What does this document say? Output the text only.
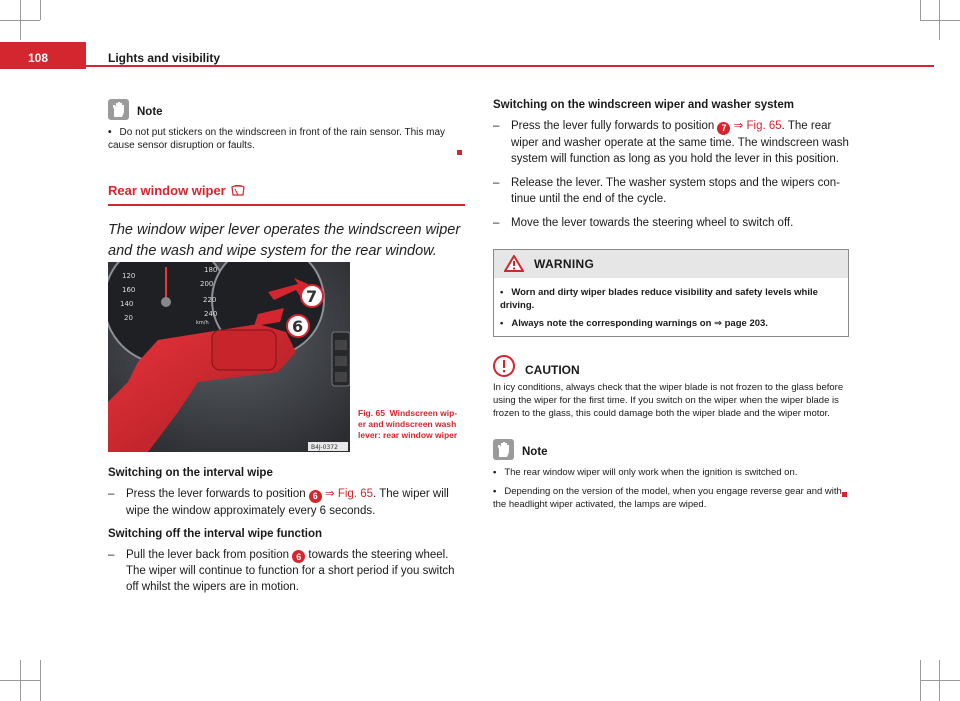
108	Lights and visibility
Note
• Do not put stickers on the windscreen in front of the rain sensor. This may cause sensor disruption or faults.
Rear window wiper
The window wiper lever operates the windscreen wiper and the wash and wipe system for the rear window.
120
180
200
160
220
140
240
20
km/h
7
6
B4J-0372
Fig. 65 Windscreen wip-er and windscreen wash lever: rear window wiper
Switching on the interval wipe
–	Press the lever forwards to position 6 ⇒ Fig. 65. The wiper will wipe the window approximately every 6 seconds.
Switching off the interval wipe function
–	Pull the lever back from position 6 towards the steering wheel. The wiper will continue to function for a short period if you switch off whilst the wipers are in motion.
Switching on the windscreen wiper and washer system
–	Press the lever fully forwards to position 7 ⇒ Fig. 65. The rear wiper and washer operate at the same time. The windscreen wash system will function as long as you hold the lever in this position.
–	Release the lever. The washer system stops and the wipers con-tinue until the end of the cycle.
–	Move the lever towards the steering wheel to switch off.
WARNING
• Worn and dirty wiper blades reduce visibility and safety levels while driving.
• Always note the corresponding warnings on ⇒ page 203.
CAUTION
In icy conditions, always check that the wiper blade is not frozen to the glass before using the wiper for the first time. If you switch on the wiper when the wiper blade is frozen to the glass, this could damage both the wiper blade and the wiper motor.
Note
• The rear window wiper will only work when the ignition is switched on.
• Depending on the version of the model, when you engage reverse gear and with the headlight wiper activated, the lamps are wiped.
